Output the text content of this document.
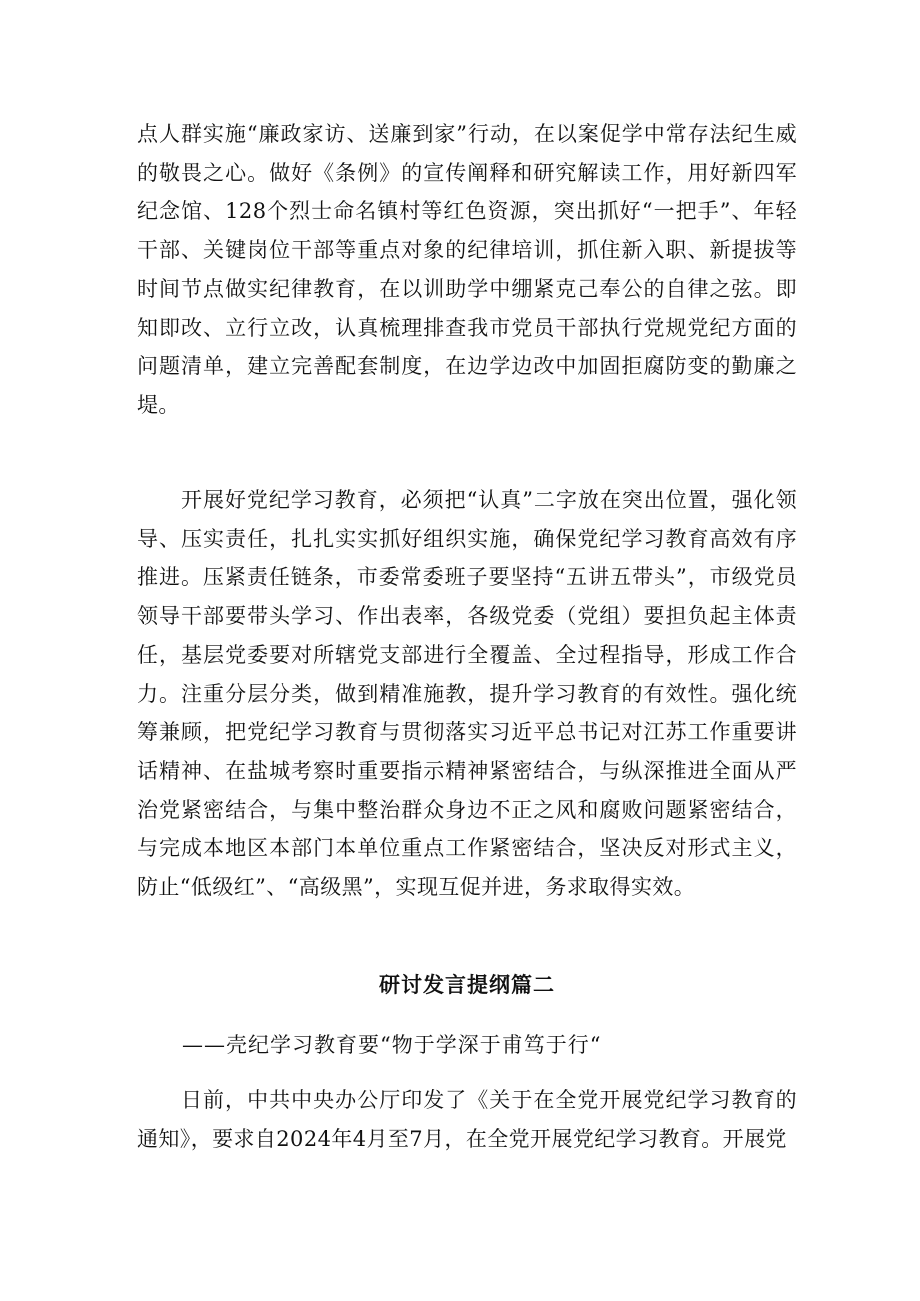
点人群实施“廉政家访、送廉到家”行动，在以案促学中常存法纪生威的敬畏之心。做好《条例》的宣传阐释和研究解读工作，用好新四军纪念馆、128个烈士命名镇村等红色资源，突出抓好“一把手”、年轻干部、关键岗位干部等重点对象的纪律培训，抓住新入职、新提拔等时间节点做实纪律教育，在以训助学中绷紧克己奉公的自律之弦。即知即改、立行立改，认真梳理排查我市党员干部执行党规党纪方面的问题清单，建立完善配套制度，在边学边改中加固拒腐防变的勤廉之堤。

开展好党纪学习教育，必须把“认真”二字放在突出位置，强化领导、压实责任，扎扎实实抓好组织实施，确保党纪学习教育高效有序推进。压紧责任链条，市委常委班子要坚持“五讲五带头”，市级党员领导干部要带头学习、作出表率，各级党委（党组）要担负起主体责任，基层党委要对所辖党支部进行全覆盖、全过程指导，形成工作合力。注重分层分类，做到精准施教，提升学习教育的有效性。强化统筹兼顾，把党纪学习教育与贯彻落实习近平总书记对江苏工作重要讲话精神、在盐城考察时重要指示精神紧密结合，与纵深推进全面从严治党紧密结合，与集中整治群众身边不正之风和腐败问题紧密结合，与完成本地区本部门本单位重点工作紧密结合，坚决反对形式主义，防止“低级红”、“高级黑”，实现互促并进，务求取得实效。

研讨发言提纲篇二
——壳纪学习教育要“物于学深于甫笃于行“

日前，中共中央办公厅印发了《关于在全党开展党纪学习教育的通知》，要求自2024年4月至7月，在全党开展党纪学习教育。开展党
